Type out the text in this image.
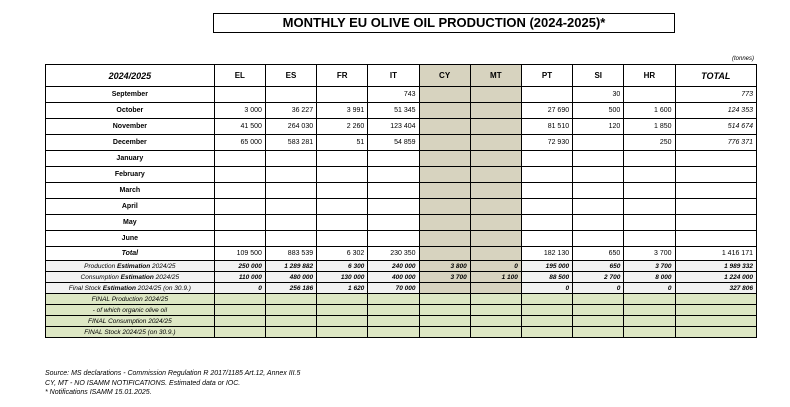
MONTHLY EU OLIVE OIL PRODUCTION (2024-2025)*
(tonnes)
2024/2025	EL	ES	FR	IT	CY	MT	PT	SI	HR	TOTAL
September				743				30		773
October	3 000	36 227	3 991	51 345			27 690	500	1 600	124 353
November	41 500	264 030	2 260	123 404			81 510	120	1 850	514 674
December	65 000	583 281	51	54 859			72 930		250	776 371
January										
February										
March										
April										
May										
June										
Total	109 500	883 539	6 302	230 350			182 130	650	3 700	1 416 171
Production Estimation 2024/25	250 000	1 289 882	6 300	240 000	3 800	0	195 000	650	3 700	1 989 332
Consumption Estimation 2024/25	110 000	480 000	130 000	400 000	3 700	1 100	88 500	2 700	8 000	1 224 000
Final Stock Estimation 2024/25 (on 30.9.)	0	256 186	1 620	70 000			0	0	0	327 806
FINAL Production 2024/25										
- of which organic olive oil										
FINAL Consumption 2024/25										
FINAL Stock 2024/25 (on 30.9.)										
Source: MS declarations - Commission Regulation R 2017/1185 Art.12, Annex III.5
CY, MT - NO ISAMM NOTIFICATIONS. Estimated data or IOC.
* Notifications ISAMM 15.01.2025.
